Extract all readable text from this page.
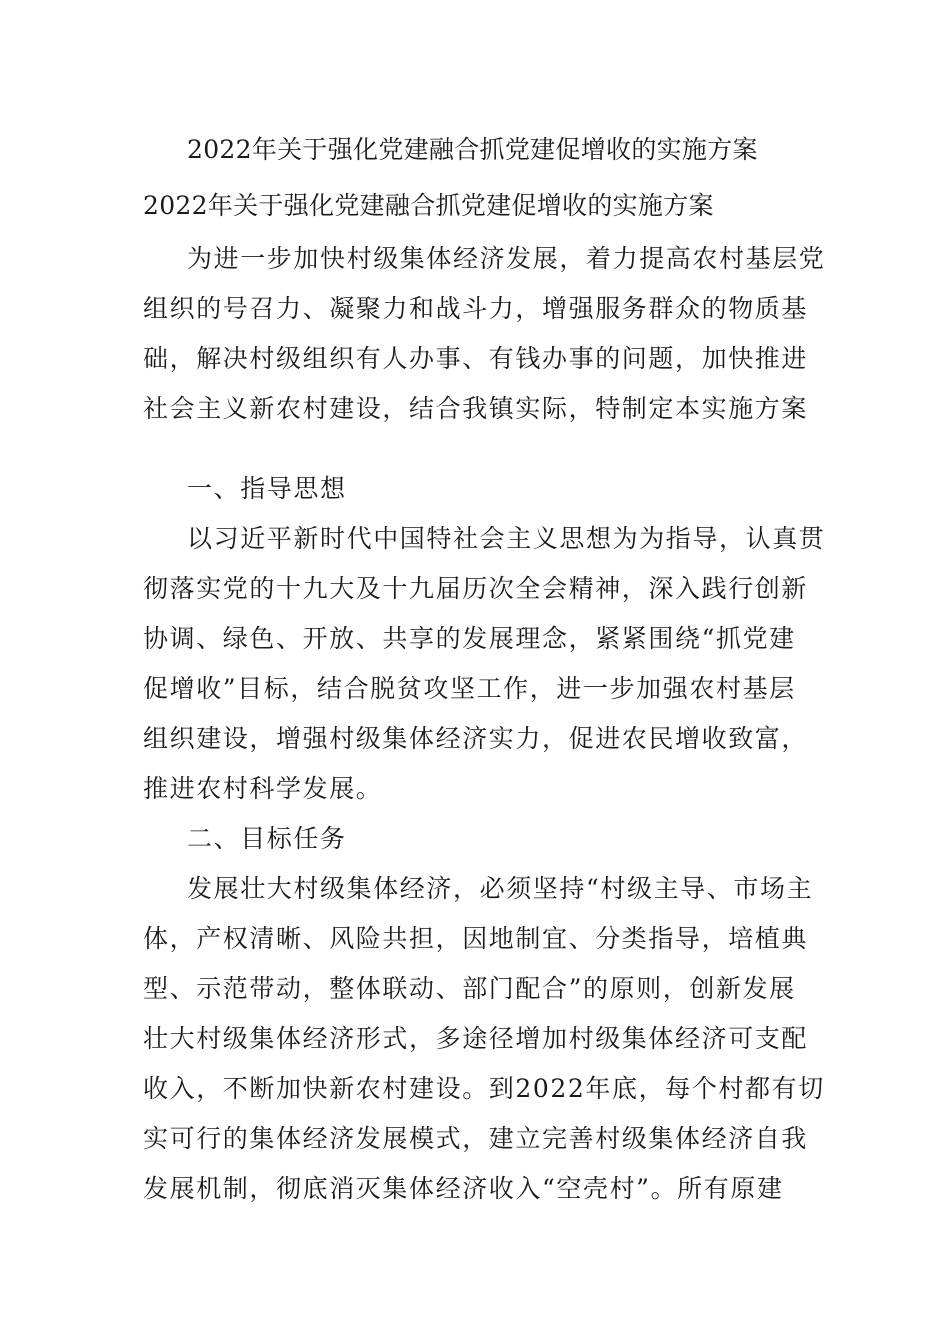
2022年关于强化党建融合抓党建促增收的实施方案
2022年关于强化党建融合抓党建促增收的实施方案
为进一步加快村级集体经济发展，着力提高农村基层党
组织的号召力、凝聚力和战斗力，增强服务群众的物质基
础，解决村级组织有人办事、有钱办事的问题，加快推进
社会主义新农村建设，结合我镇实际，特制定本实施方案
一、指导思想
以习近平新时代中国特社会主义思想为为指导，认真贯
彻落实党的十九大及十九届历次全会精神，深入践行创新
协调、绿色、开放、共享的发展理念，紧紧围绕“抓党建
促增收”目标，结合脱贫攻坚工作，进一步加强农村基层
组织建设，增强村级集体经济实力，促进农民增收致富，
推进农村科学发展。
二、目标任务
发展壮大村级集体经济，必须坚持“村级主导、市场主
体，产权清晰、风险共担，因地制宜、分类指导，培植典
型、示范带动，整体联动、部门配合”的原则，创新发展
壮大村级集体经济形式，多途径增加村级集体经济可支配
收入，不断加快新农村建设。到2022年底，每个村都有切
实可行的集体经济发展模式，建立完善村级集体经济自我
发展机制，彻底消灭集体经济收入“空壳村”。所有原建
